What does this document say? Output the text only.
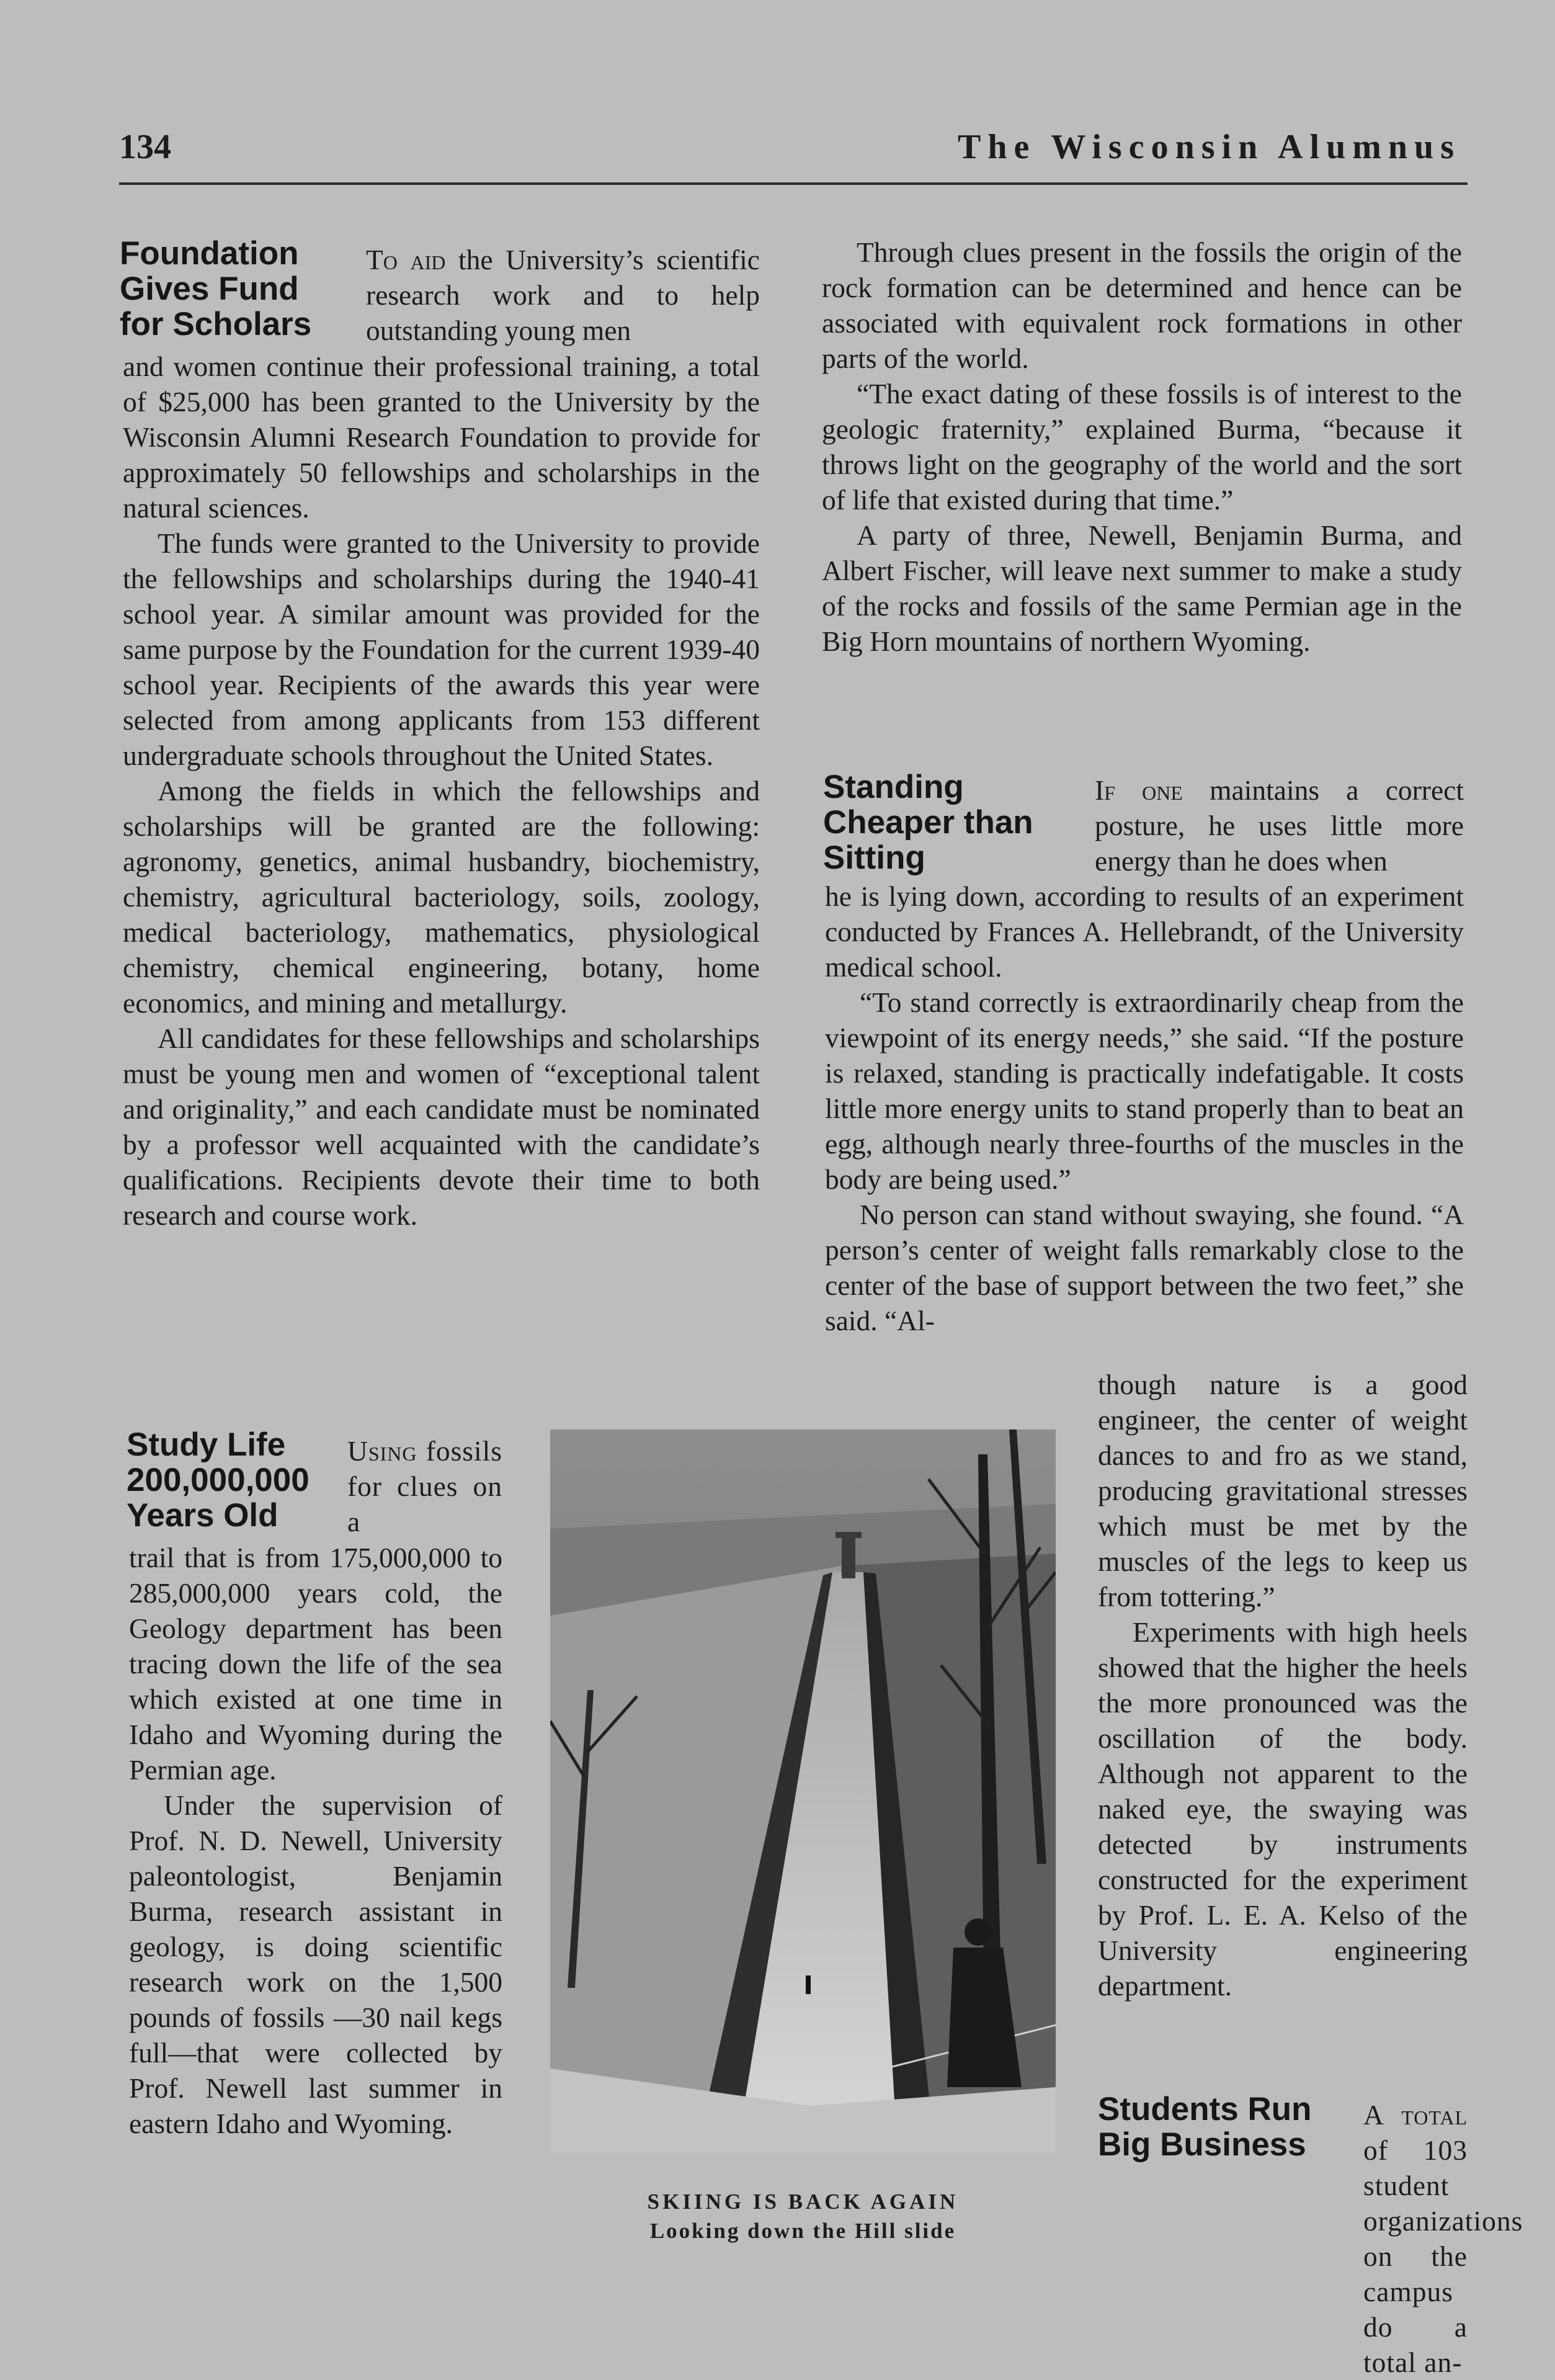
134	The Wisconsin Alumnus
Foundation
Gives Fund
for Scholars

To aid the University’s scientific research work and to help outstanding young men

and women continue their professional training, a total of $25,000 has been granted to the University by the Wisconsin Alumni Research Foundation to provide for approximately 50 fellowships and scholarships in the natural sciences.

The funds were granted to the University to provide the fellowships and scholarships during the 1940-41 school year. A similar amount was provided for the same purpose by the Foundation for the current 1939-40 school year. Recipients of the awards this year were selected from among applicants from 153 different undergraduate schools throughout the United States.

Among the fields in which the fellowships and scholarships will be granted are the following: agronomy, genetics, animal husbandry, biochemistry, chemistry, agricultural bacteriology, soils, zoology, medical bacteriology, mathematics, physiological chemistry, chemical engineering, botany, home economics, and mining and metallurgy.

All candidates for these fellowships and scholarships must be young men and women of “exceptional talent and originality,” and each candidate must be nominated by a professor well acquainted with the candidate’s qualifications. Recipients devote their time to both research and course work.

Study Life
200,000,000
Years Old

Using fossils for clues on a

trail that is from 175,000,000 to 285,000,000 years cold, the Geology department has been tracing down the life of the sea which existed at one time in Idaho and Wyoming during the Permian age.

Under the supervision of Prof. N. D. Newell, University paleontologist, Benjamin Burma, research assistant in geology, is doing scientific research work on the 1,500 pounds of fossils —30 nail kegs full—that were collected by Prof. Newell last summer in eastern Idaho and Wyoming.

Through clues present in the fossils the origin of the rock formation can be determined and hence can be associated with equivalent rock formations in other parts of the world.

“The exact dating of these fossils is of interest to the geologic fraternity,” explained Burma, “because it throws light on the geography of the world and the sort of life that existed during that time.”

A party of three, Newell, Benjamin Burma, and Albert Fischer, will leave next summer to make a study of the rocks and fossils of the same Permian age in the Big Horn mountains of northern Wyoming.

Standing
Cheaper than
Sitting

If one maintains a correct posture, he uses little more energy than he does when

he is lying down, according to results of an experiment conducted by Frances A. Hellebrandt, of the University medical school.

“To stand correctly is extraordinarily cheap from the viewpoint of its energy needs,” she said. “If the posture is relaxed, standing is practically indefatigable. It costs little more energy units to stand properly than to beat an egg, although nearly three-fourths of the muscles in the body are being used.”

No person can stand without swaying, she found. “A person’s center of weight falls remarkably close to the center of the base of support between the two feet,” she said. “Al-

though nature is a good engineer, the center of weight dances to and fro as we stand, producing gravitational stresses which must be met by the muscles of the legs to keep us from tottering.”

Experiments with high heels showed that the higher the heels the more pronounced was the oscillation of the body. Although not apparent to the naked eye, the swaying was detected by instruments constructed for the experiment by Prof. L. E. A. Kelso of the University engineering department.

Students Run
Big Business

A total of 103 student organizations on the campus do a total an-

SKIING IS BACK AGAIN
Looking down the Hill slide
